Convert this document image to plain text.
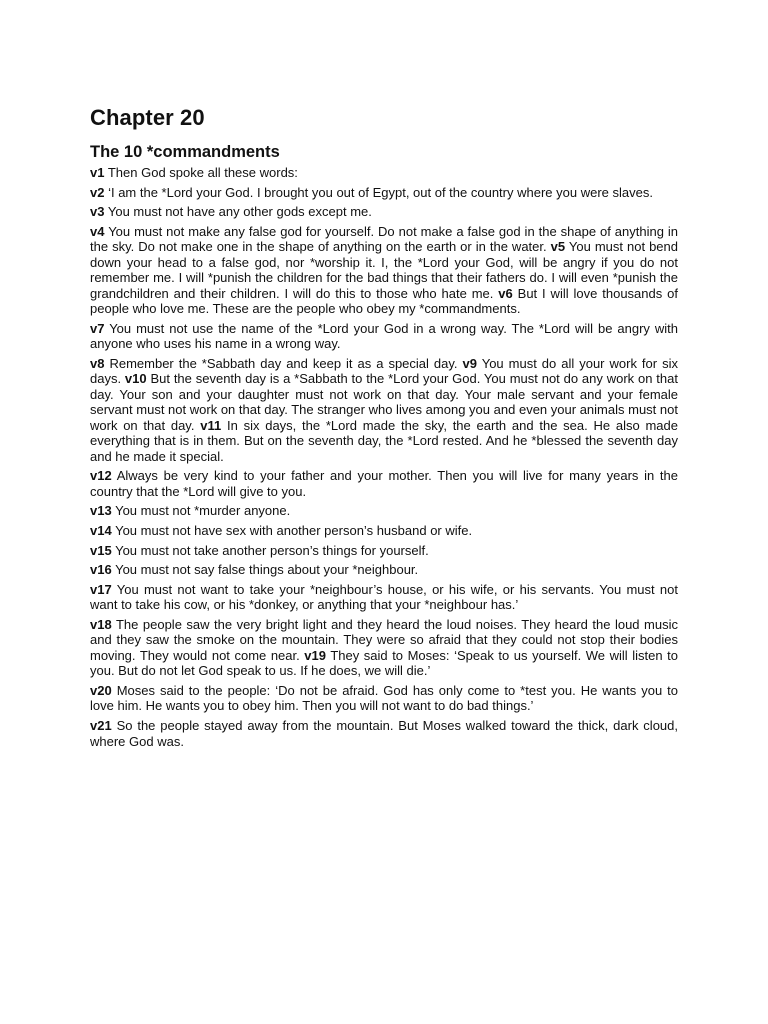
Chapter 20
The 10 *commandments

v1 Then God spoke all these words:

v2 ‘I am the *Lord your God. I brought you out of Egypt, out of the country where you were slaves.

v3 You must not have any other gods except me.

v4 You must not make any false god for yourself. Do not make a false god in the shape of anything in the sky. Do not make one in the shape of anything on the earth or in the water. v5 You must not bend down your head to a false god, nor *worship it. I, the *Lord your God, will be angry if you do not remember me. I will *punish the children for the bad things that their fathers do. I will even *punish the grandchildren and their children. I will do this to those who hate me. v6 But I will love thousands of people who love me. These are the people who obey my *commandments.

v7 You must not use the name of the *Lord your God in a wrong way. The *Lord will be angry with anyone who uses his name in a wrong way.

v8 Remember the *Sabbath day and keep it as a special day. v9 You must do all your work for six days. v10 But the seventh day is a *Sabbath to the *Lord your God. You must not do any work on that day. Your son and your daughter must not work on that day. Your male servant and your female servant must not work on that day. The stranger who lives among you and even your animals must not work on that day. v11 In six days, the *Lord made the sky, the earth and the sea. He also made everything that is in them. But on the seventh day, the *Lord rested. And he *blessed the seventh day and he made it special.

v12 Always be very kind to your father and your mother. Then you will live for many years in the country that the *Lord will give to you.

v13 You must not *murder anyone.

v14 You must not have sex with another person’s husband or wife.

v15 You must not take another person’s things for yourself.

v16 You must not say false things about your *neighbour.

v17 You must not want to take your *neighbour’s house, or his wife, or his servants. You must not want to take his cow, or his *donkey, or anything that your *neighbour has.’

v18 The people saw the very bright light and they heard the loud noises. They heard the loud music and they saw the smoke on the mountain. They were so afraid that they could not stop their bodies moving. They would not come near. v19 They said to Moses: ‘Speak to us yourself. We will listen to you. But do not let God speak to us. If he does, we will die.’

v20 Moses said to the people: ‘Do not be afraid. God has only come to *test you. He wants you to love him. He wants you to obey him. Then you will not want to do bad things.’

v21 So the people stayed away from the mountain. But Moses walked toward the thick, dark cloud, where God was.
